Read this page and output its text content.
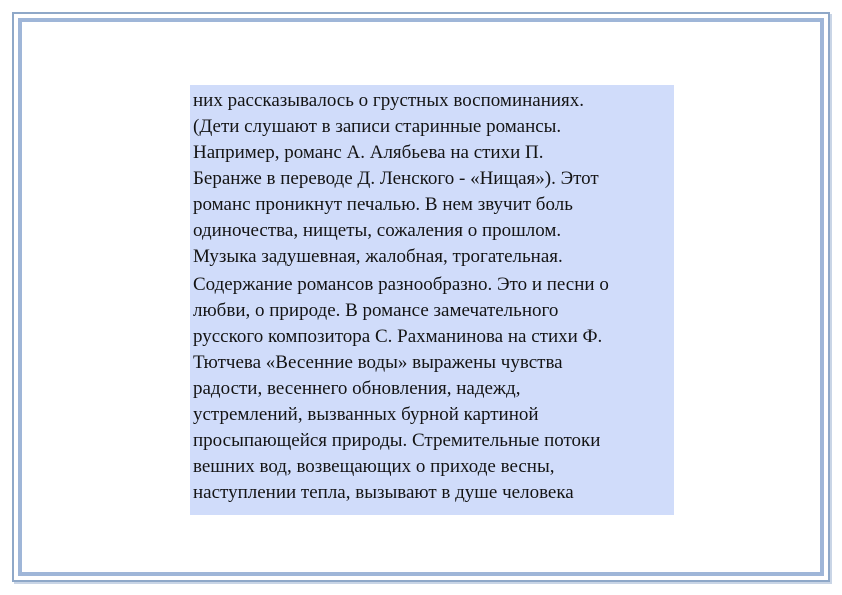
них рассказывалось о грустных воспоминаниях.
(Дети слушают в записи старинные романсы.
Например, романс А. Алябьева на стихи П.
Беранже в переводе Д. Ленского - «Нищая»). Этот
романс проникнут печалью. В нем звучит боль
одиночества, нищеты, сожаления о прошлом.
Музыка задушевная, жалобная, трогательная.
Содержание романсов разнообразно. Это и песни о
любви, о природе. В романсе замечательного
русского композитора С. Рахманинова на стихи Ф.
Тютчева «Весенние воды» выражены чувства
радости, весеннего обновления, надежд,
устремлений, вызванных бурной картиной
просыпающейся природы. Стремительные потоки
вешних вод, возвещающих о приходе весны,
наступлении тепла, вызывают в душе человека
